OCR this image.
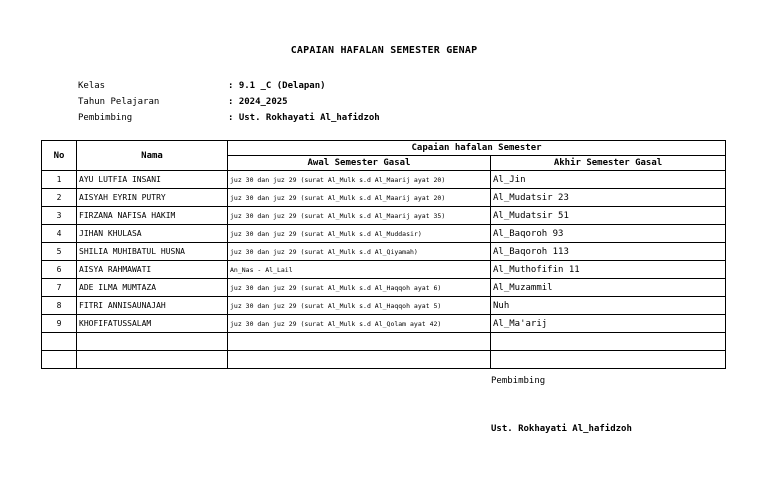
CAPAIAN HAFALAN SEMESTER GENAP
Kelas	: 9.1 _C (Delapan)
Tahun Pelajaran	: 2024_2025
Pembimbing	: Ust. Rokhayati Al_hafidzoh
No	Nama	Capaian hafalan Semester	
		Awal Semester Gasal	Akhir Semester Gasal
1	AYU LUTFIA INSANI	juz 30 dan juz 29 (surat Al_Mulk s.d Al_Maarij ayat 20)	Al_Jin
2	AISYAH EYRIN PUTRY	juz 30 dan juz 29 (surat Al_Mulk s.d Al_Maarij ayat 20)	Al_Mudatsir 23
3	FIRZANA NAFISA HAKIM	juz 30 dan juz 29 (surat Al_Mulk s.d Al_Maarij ayat 35)	Al_Mudatsir 51
4	JIHAN KHULASA	juz 30 dan juz 29 (surat Al_Mulk s.d Al_Muddasir)	Al_Baqoroh 93
5	SHILIA MUHIBATUL HUSNA	juz 30 dan juz 29 (surat Al_Mulk s.d Al_Qiyamah)	Al_Baqoroh 113
6	AISYA RAHMAWATI	An_Nas - Al_Lail	Al_Muthofifin 11
7	ADE ILMA MUMTAZA	juz 30 dan juz 29 (surat Al_Mulk s.d Al_Haqqoh ayat 6)	Al_Muzammil
8	FITRI ANNISAUNAJAH	juz 30 dan juz 29 (surat Al_Mulk s.d Al_Haqqoh ayat 5)	Nuh
9	KHOFIFATUSSALAM	juz 30 dan juz 29 (surat Al_Mulk s.d Al_Qolam ayat 42)	Al_Ma'arij

Pembimbing
Ust. Rokhayati Al_hafidzoh
